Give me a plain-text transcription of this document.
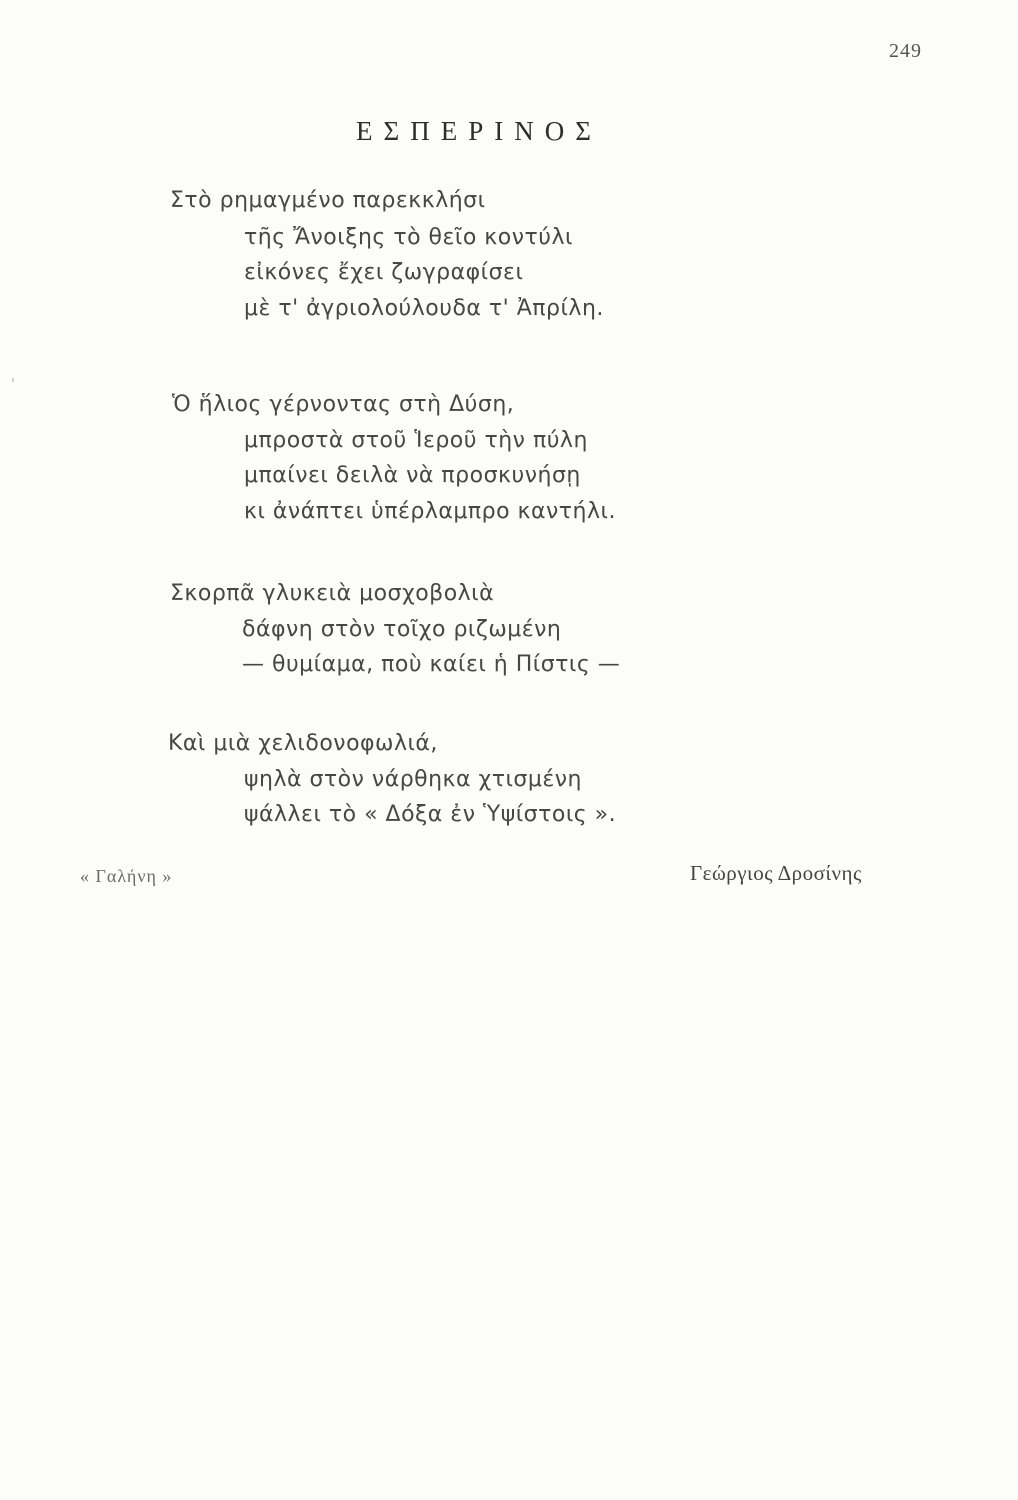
249
ΕΣΠΕΡΙΝΟΣ
Στὸ ρημαγμένο παρεκκλήσι
τῆς Ἄνοιξης τὸ θεῖο κοντύλι
εἰκόνες ἔχει ζωγραφίσει
μὲ τ' ἀγριολούλουδα τ' Ἀπρίλη.
Ὁ ἥλιος γέρνοντας στὴ Δύση,
μπροστὰ στοῦ Ἱεροῦ τὴν πύλη
μπαίνει δειλὰ νὰ προσκυνήσῃ
κι ἀνάπτει ὑπέρλαμπρο καντήλι.
Σκορπᾶ γλυκειὰ μοσχοβολιὰ
δάφνη στὸν τοῖχο ριζωμένη
— θυμίαμα, ποὺ καίει ἡ Πίστις —
Καὶ μιὰ χελιδονοφωλιά,
ψηλὰ στὸν νάρθηκα χτισμένη
ψάλλει τὸ « Δόξα ἐν Ὑψίστοις ».
« Γαλήνη »	Γεώργιος Δροσίνης
